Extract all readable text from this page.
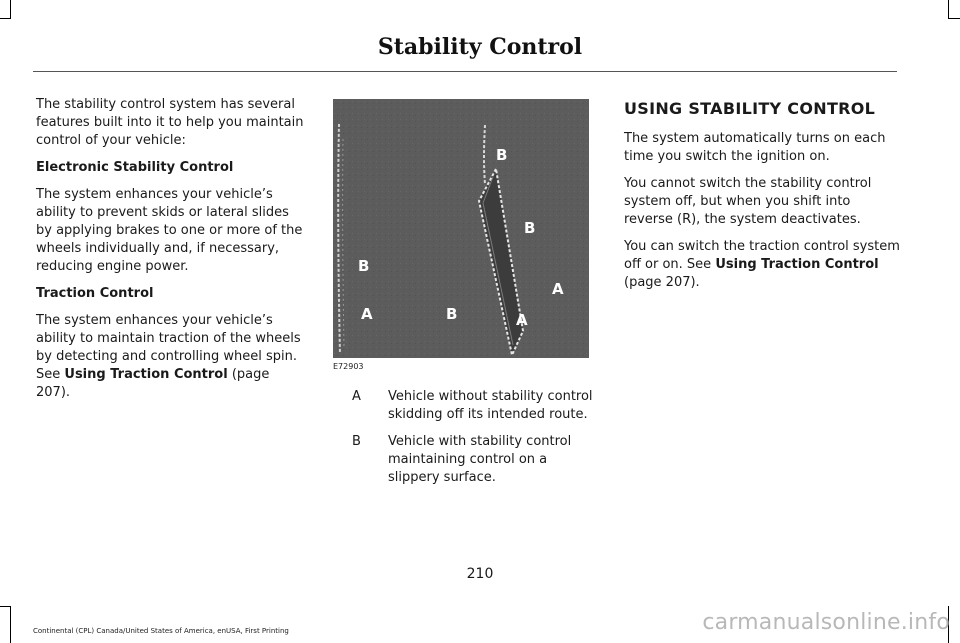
Stability Control

The stability control system has several features built into it to help you maintain control of your vehicle:

Electronic Stability Control

The system enhances your vehicle’s ability to prevent skids or lateral slides by applying brakes to one or more of the wheels individually and, if necessary, reducing engine power.

Traction Control

The system enhances your vehicle’s ability to maintain traction of the wheels by detecting and controlling wheel spin. See Using Traction Control (page 207).

B
B
B
A
B
A	A
E72903
A	Vehicle without stability control skidding off its intended route.
B	Vehicle with stability control maintaining control on a slippery surface.
USING STABILITY CONTROL

The system automatically turns on each time you switch the ignition on.

You cannot switch the stability control system off, but when you shift into reverse (R), the system deactivates.

You can switch the traction control system off or on. See Using Traction Control (page 207).

210
Continental (CPL) Canada/United States of America, enUSA, First Printing	carmanualsonline.info
